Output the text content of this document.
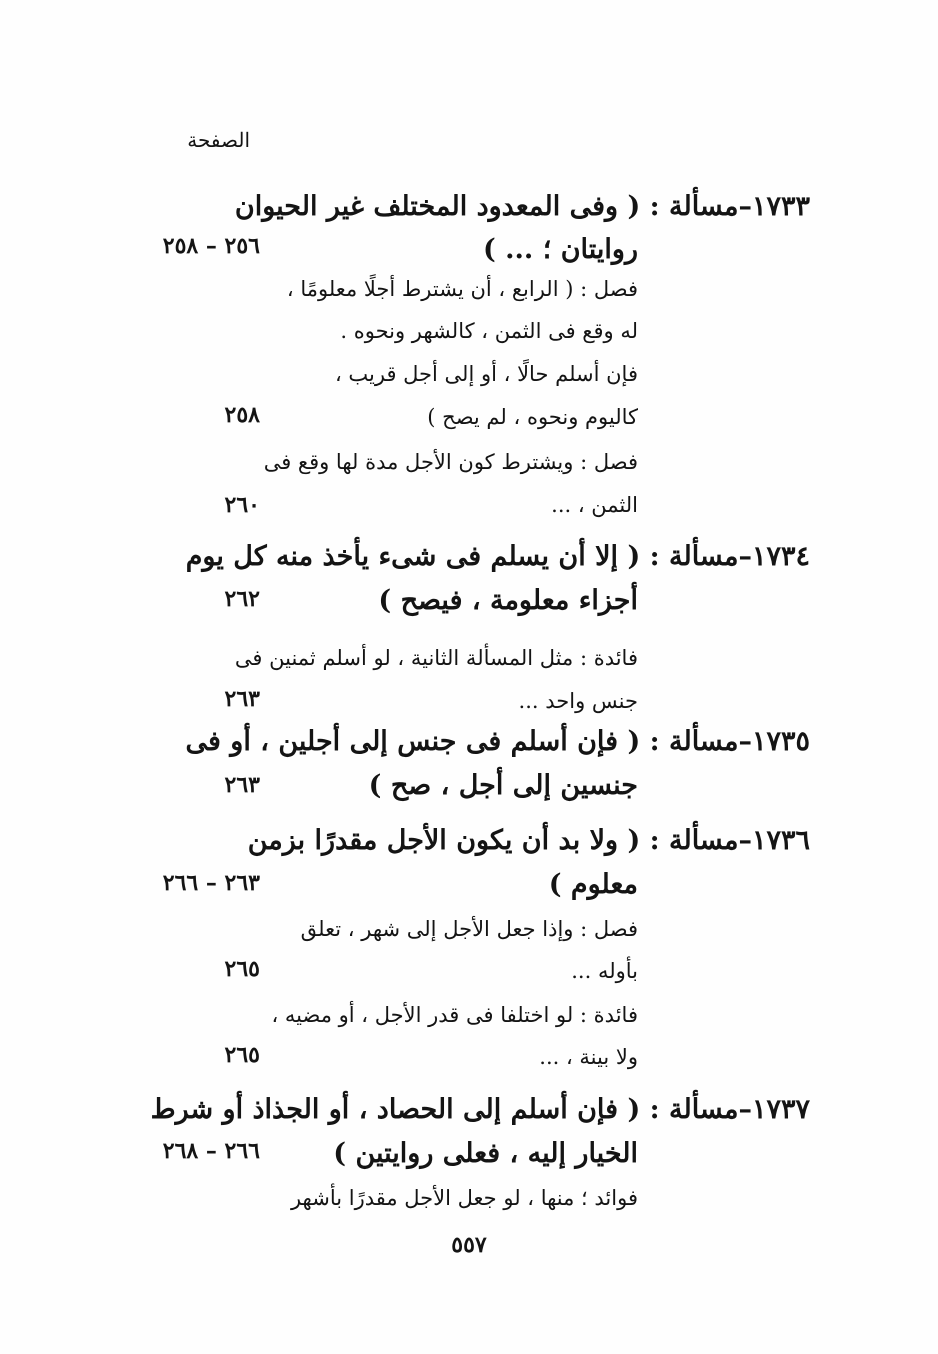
الصفحة
١٧٣٣–مسألة : ( وفى المعدود المختلف غير الحيوان
روايتان ؛ ... )
٢٥٦ – ٢٥٨
فصل : ( الرابع ، أن يشترط أجلًا معلومًا ،
له وقع فى الثمن ، كالشهر ونحوه .
فإن أسلم حالًا ، أو إلى أجل قريب ،
كاليوم ونحوه ، لم يصح )
٢٥٨
فصل : ويشترط كون الأجل مدة لها وقع فى
الثمن ، ...
٢٦٠
١٧٣٤–مسألة : ( إلا أن يسلم فى شىء يأخذ منه كل يوم
أجزاء معلومة ، فيصح )
٢٦٢
فائدة : مثل المسألة الثانية ، لو أسلم ثمنين فى
جنس واحد ...
٢٦٣
١٧٣٥–مسألة : ( فإن أسلم فى جنس إلى أجلين ، أو فى
جنسين إلى أجل ، صح )
٢٦٣
١٧٣٦–مسألة : ( ولا بد أن يكون الأجل مقدرًا بزمن
معلوم )
٢٦٣ – ٢٦٦
فصل : وإذا جعل الأجل إلى شهر ، تعلق
بأوله ...
٢٦٥
فائدة : لو اختلفا فى قدر الأجل ، أو مضيه ،
ولا بينة ، ...
٢٦٥
١٧٣٧–مسألة : ( فإن أسلم إلى الحصاد ، أو الجذاذ أو شرط
الخيار إليه ، فعلى روايتين )
٢٦٦ – ٢٦٨
فوائد ؛ منها ، لو جعل الأجل مقدرًا بأشهر
٥٥٧
